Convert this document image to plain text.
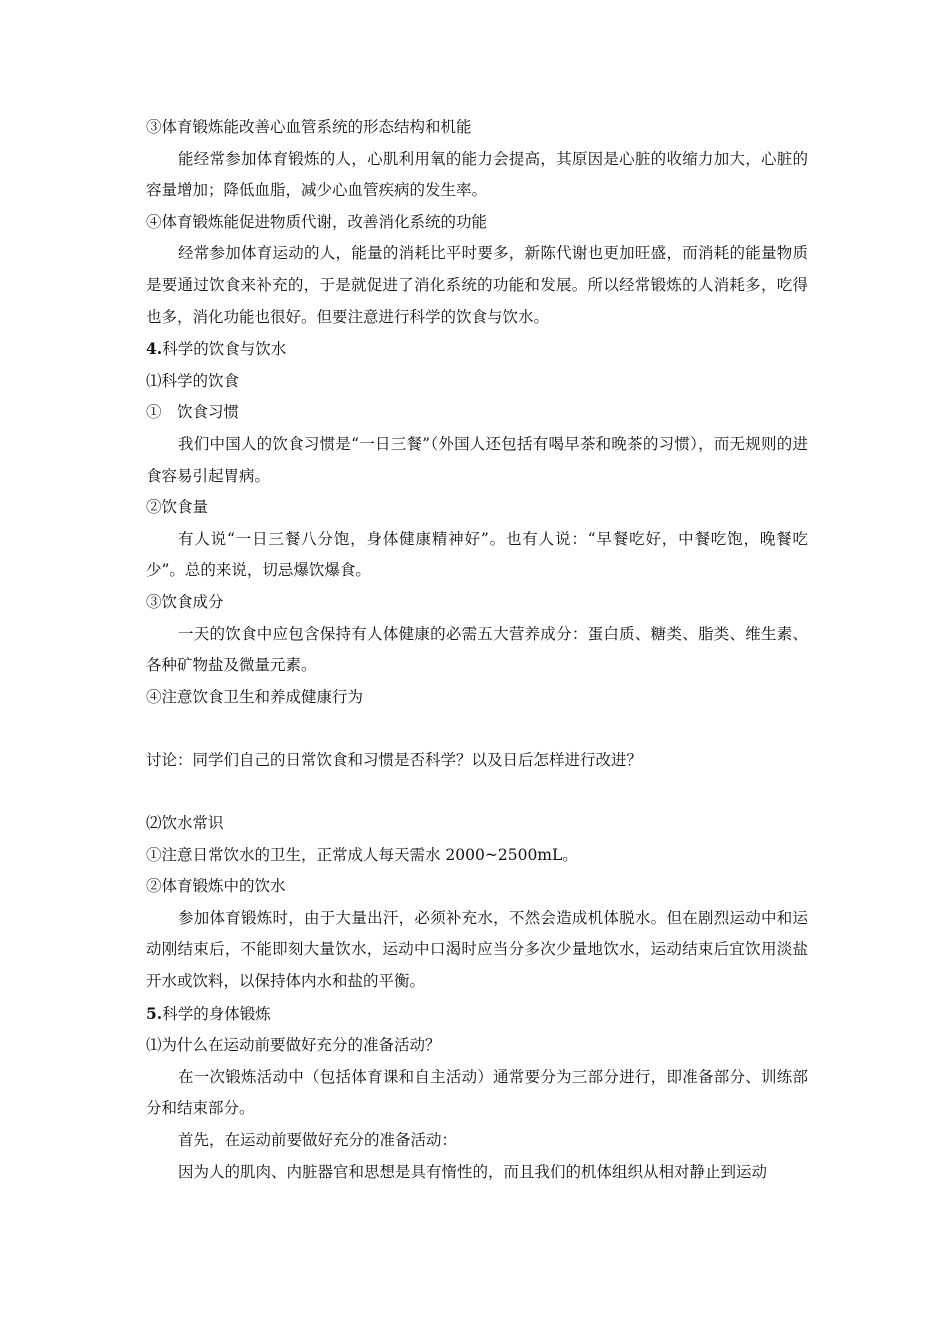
③体育锻炼能改善心血管系统的形态结构和机能

能经常参加体育锻炼的人，心肌利用氧的能力会提高，其原因是心脏的收缩力加大，心脏的容量增加；降低血脂，减少心血管疾病的发生率。

④体育锻炼能促进物质代谢，改善消化系统的功能

经常参加体育运动的人，能量的消耗比平时要多，新陈代谢也更加旺盛，而消耗的能量物质是要通过饮食来补充的，于是就促进了消化系统的功能和发展。所以经常锻炼的人消耗多，吃得也多，消化功能也很好。但要注意进行科学的饮食与饮水。

4.科学的饮食与饮水

⑴科学的饮食

①　饮食习惯

我们中国人的饮食习惯是“一日三餐”（外国人还包括有喝早茶和晚茶的习惯），而无规则的进食容易引起胃病。

②饮食量

有人说“一日三餐八分饱，身体健康精神好”。也有人说：“早餐吃好，中餐吃饱，晚餐吃少”。总的来说，切忌爆饮爆食。

③饮食成分

一天的饮食中应包含保持有人体健康的必需五大营养成分：蛋白质、糖类、脂类、维生素、各种矿物盐及微量元素。

④注意饮食卫生和养成健康行为

讨论：同学们自己的日常饮食和习惯是否科学？以及日后怎样进行改进？

⑵饮水常识

①注意日常饮水的卫生，正常成人每天需水 2000~2500mL。

②体育锻炼中的饮水

参加体育锻炼时，由于大量出汗，必须补充水，不然会造成机体脱水。但在剧烈运动中和运动刚结束后，不能即刻大量饮水，运动中口渴时应当分多次少量地饮水，运动结束后宜饮用淡盐开水或饮料，以保持体内水和盐的平衡。

5.科学的身体锻炼

⑴为什么在运动前要做好充分的准备活动？

在一次锻炼活动中（包括体育课和自主活动）通常要分为三部分进行，即准备部分、训练部分和结束部分。

首先，在运动前要做好充分的准备活动：

因为人的肌肉、内脏器官和思想是具有惰性的，而且我们的机体组织从相对静止到运动
